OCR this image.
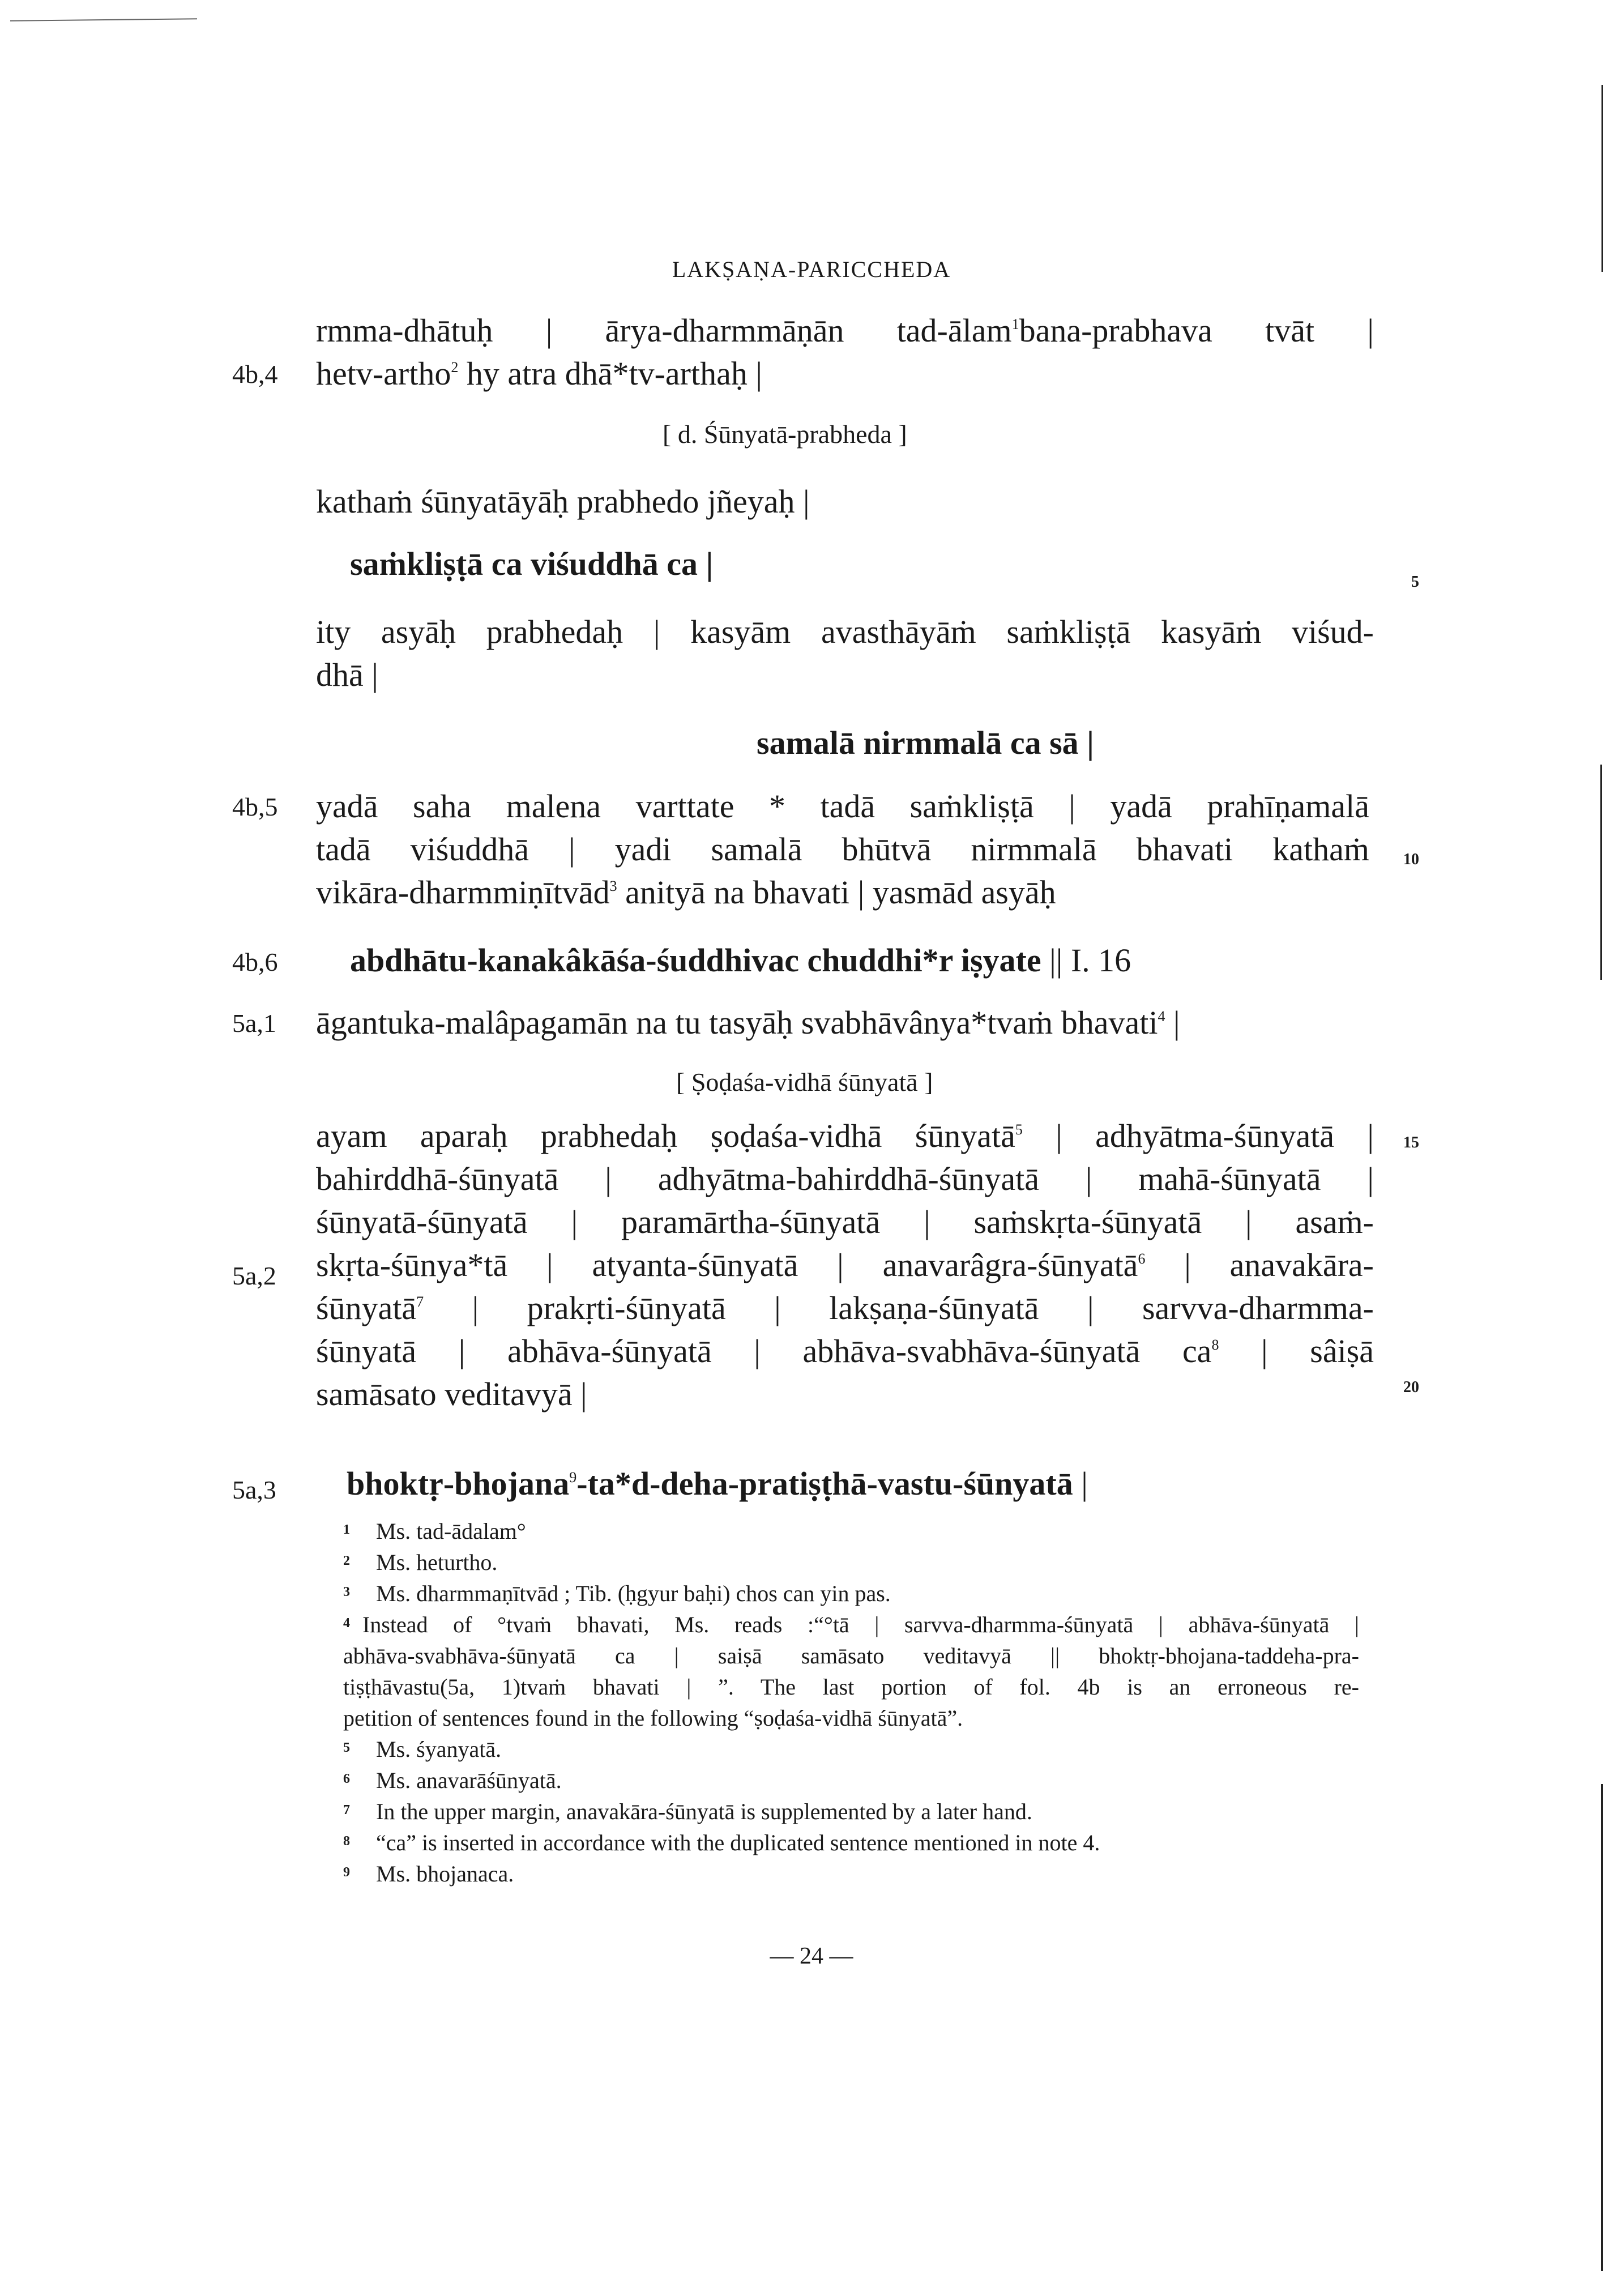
LAKṢAṆA-PARICCHEDA
4b,4
4b,5
4b,6
5a,1
5a,2
5a,3
5
10
15
20
rmma-dhātuḥ | ārya-dharmmāṇān tad-ālam$^1$bana-prabhava tvāt |
hetv-artho$^2$ hy atra dhā*tv-arthaḥ |
[ d. Śūnyatā-prabheda ]
kathaṁ śūnyatāyāḥ prabhedo jñeyaḥ |
saṁkliṣṭā ca viśuddhā ca |
ity asyāḥ prabhedaḥ | kasyām avasthāyāṁ saṁkliṣṭā kasyāṁ viśud-
dhā |
samalā nirmmalā ca sā |
yadā saha malena varttate * tadā saṁkliṣṭā | yadā prahīṇamalā
tadā viśuddhā | yadi samalā bhūtvā nirmmalā bhavati kathaṁ
vikāra-dharmmiṇītvād$^3$ anityā na bhavati | yasmād asyāḥ
abdhātu-kanakâkāśa-śuddhivac chuddhi*r iṣyate || I. 16
āgantuka-malâpagamān na tu tasyāḥ svabhāvânya*tvaṁ bhavati$^4$ |
[ Ṣoḍaśa-vidhā śūnyatā ]
ayam aparaḥ prabhedaḥ ṣoḍaśa-vidhā śūnyatā$^5$ | adhyātma-śūnyatā |
bahirddhā-śūnyatā | adhyātma-bahirddhā-śūnyatā | mahā-śūnyatā |
śūnyatā-śūnyatā | paramārtha-śūnyatā | saṁskṛta-śūnyatā | asaṁ-
skṛta-śūnya*tā | atyanta-śūnyatā | anavarâgra-śūnyatā$^6$ | anavakāra-
śūnyatā$^7$ | prakṛti-śūnyatā | lakṣaṇa-śūnyatā | sarvva-dharmma-
śūnyatā | abhāva-śūnyatā | abhāva-svabhāva-śūnyatā $ca^8$ | sâiṣā
samāsato veditavyā |
bhoktṛ-bhojana$^9$-ta*d-deha-pratiṣṭhā-vastu-śūnyatā |
1 Ms. tad-ādalam°
2 Ms. heturtho.
3 Ms. dharmmaṇītvād ; Tib. (ḥgyur baḥi) chos can yin pas.
4 Instead of °tvaṁ bhavati, Ms. reads :“°tā | sarvva-dharmma-śūnyatā | abhāva-śūnyatā |
abhāva-svabhāva-śūnyatā ca | saiṣā samāsato veditavyā || bhoktṛ-bhojana-taddeha-pra-
tiṣṭhāvastu(5a, 1)tvaṁ bhavati | ”. The last portion of fol. 4b is an erroneous re-
petition of sentences found in the following “ṣoḍaśa-vidhā śūnyatā”.
5 Ms. śyanyatā.
6 Ms. anavarāśūnyatā.
7 In the upper margin, anavakāra-śūnyatā is supplemented by a later hand.
8 “ca” is inserted in accordance with the duplicated sentence mentioned in note 4.
9 Ms. bhojanaca.
— 24 —
